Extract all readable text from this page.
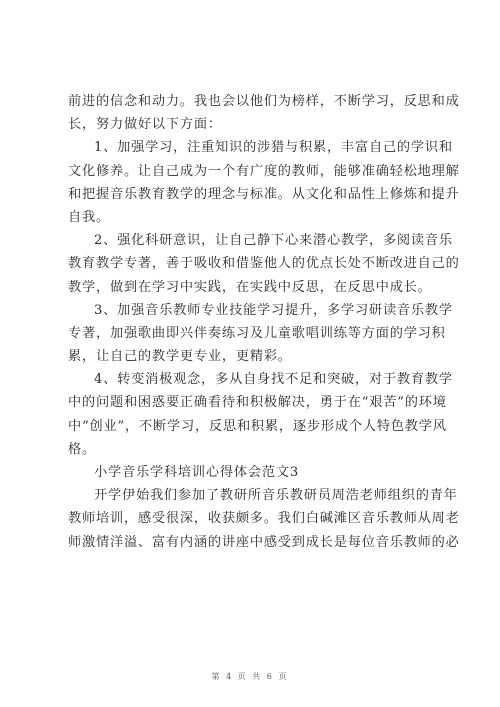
前进的信念和动力。我也会以他们为榜样，不断学习，反思和成
长，努力做好以下方面：
1、加强学习，注重知识的涉猎与积累，丰富自己的学识和
文化修养。让自己成为一个有广度的教师，能够准确轻松地理解
和把握音乐教育教学的理念与标准。从文化和品性上修炼和提升
自我。
2、强化科研意识，让自己静下心来潜心教学，多阅读音乐
教育教学专著，善于吸收和借鉴他人的优点长处不断改进自己的
教学，做到在学习中实践，在实践中反思，在反思中成长。
3、加强音乐教师专业技能学习提升，多学习研读音乐教学
专著，加强歌曲即兴伴奏练习及儿童歌唱训练等方面的学习积
累，让自己的教学更专业，更精彩。
4、转变消极观念，多从自身找不足和突破，对于教育教学
中的问题和困惑要正确看待和积极解决，勇于在“艰苦”的环境
中“创业”，不断学习，反思和积累，逐步形成个人特色教学风
格。
小学音乐学科培训心得体会范文3
开学伊始我们参加了教研所音乐教研员周浩老师组织的青年
教师培训，感受很深，收获颇多。我们白碱滩区音乐教师从周老
师激情洋溢、富有内涵的讲座中感受到成长是每位音乐教师的必
第 4 页 共 6 页
